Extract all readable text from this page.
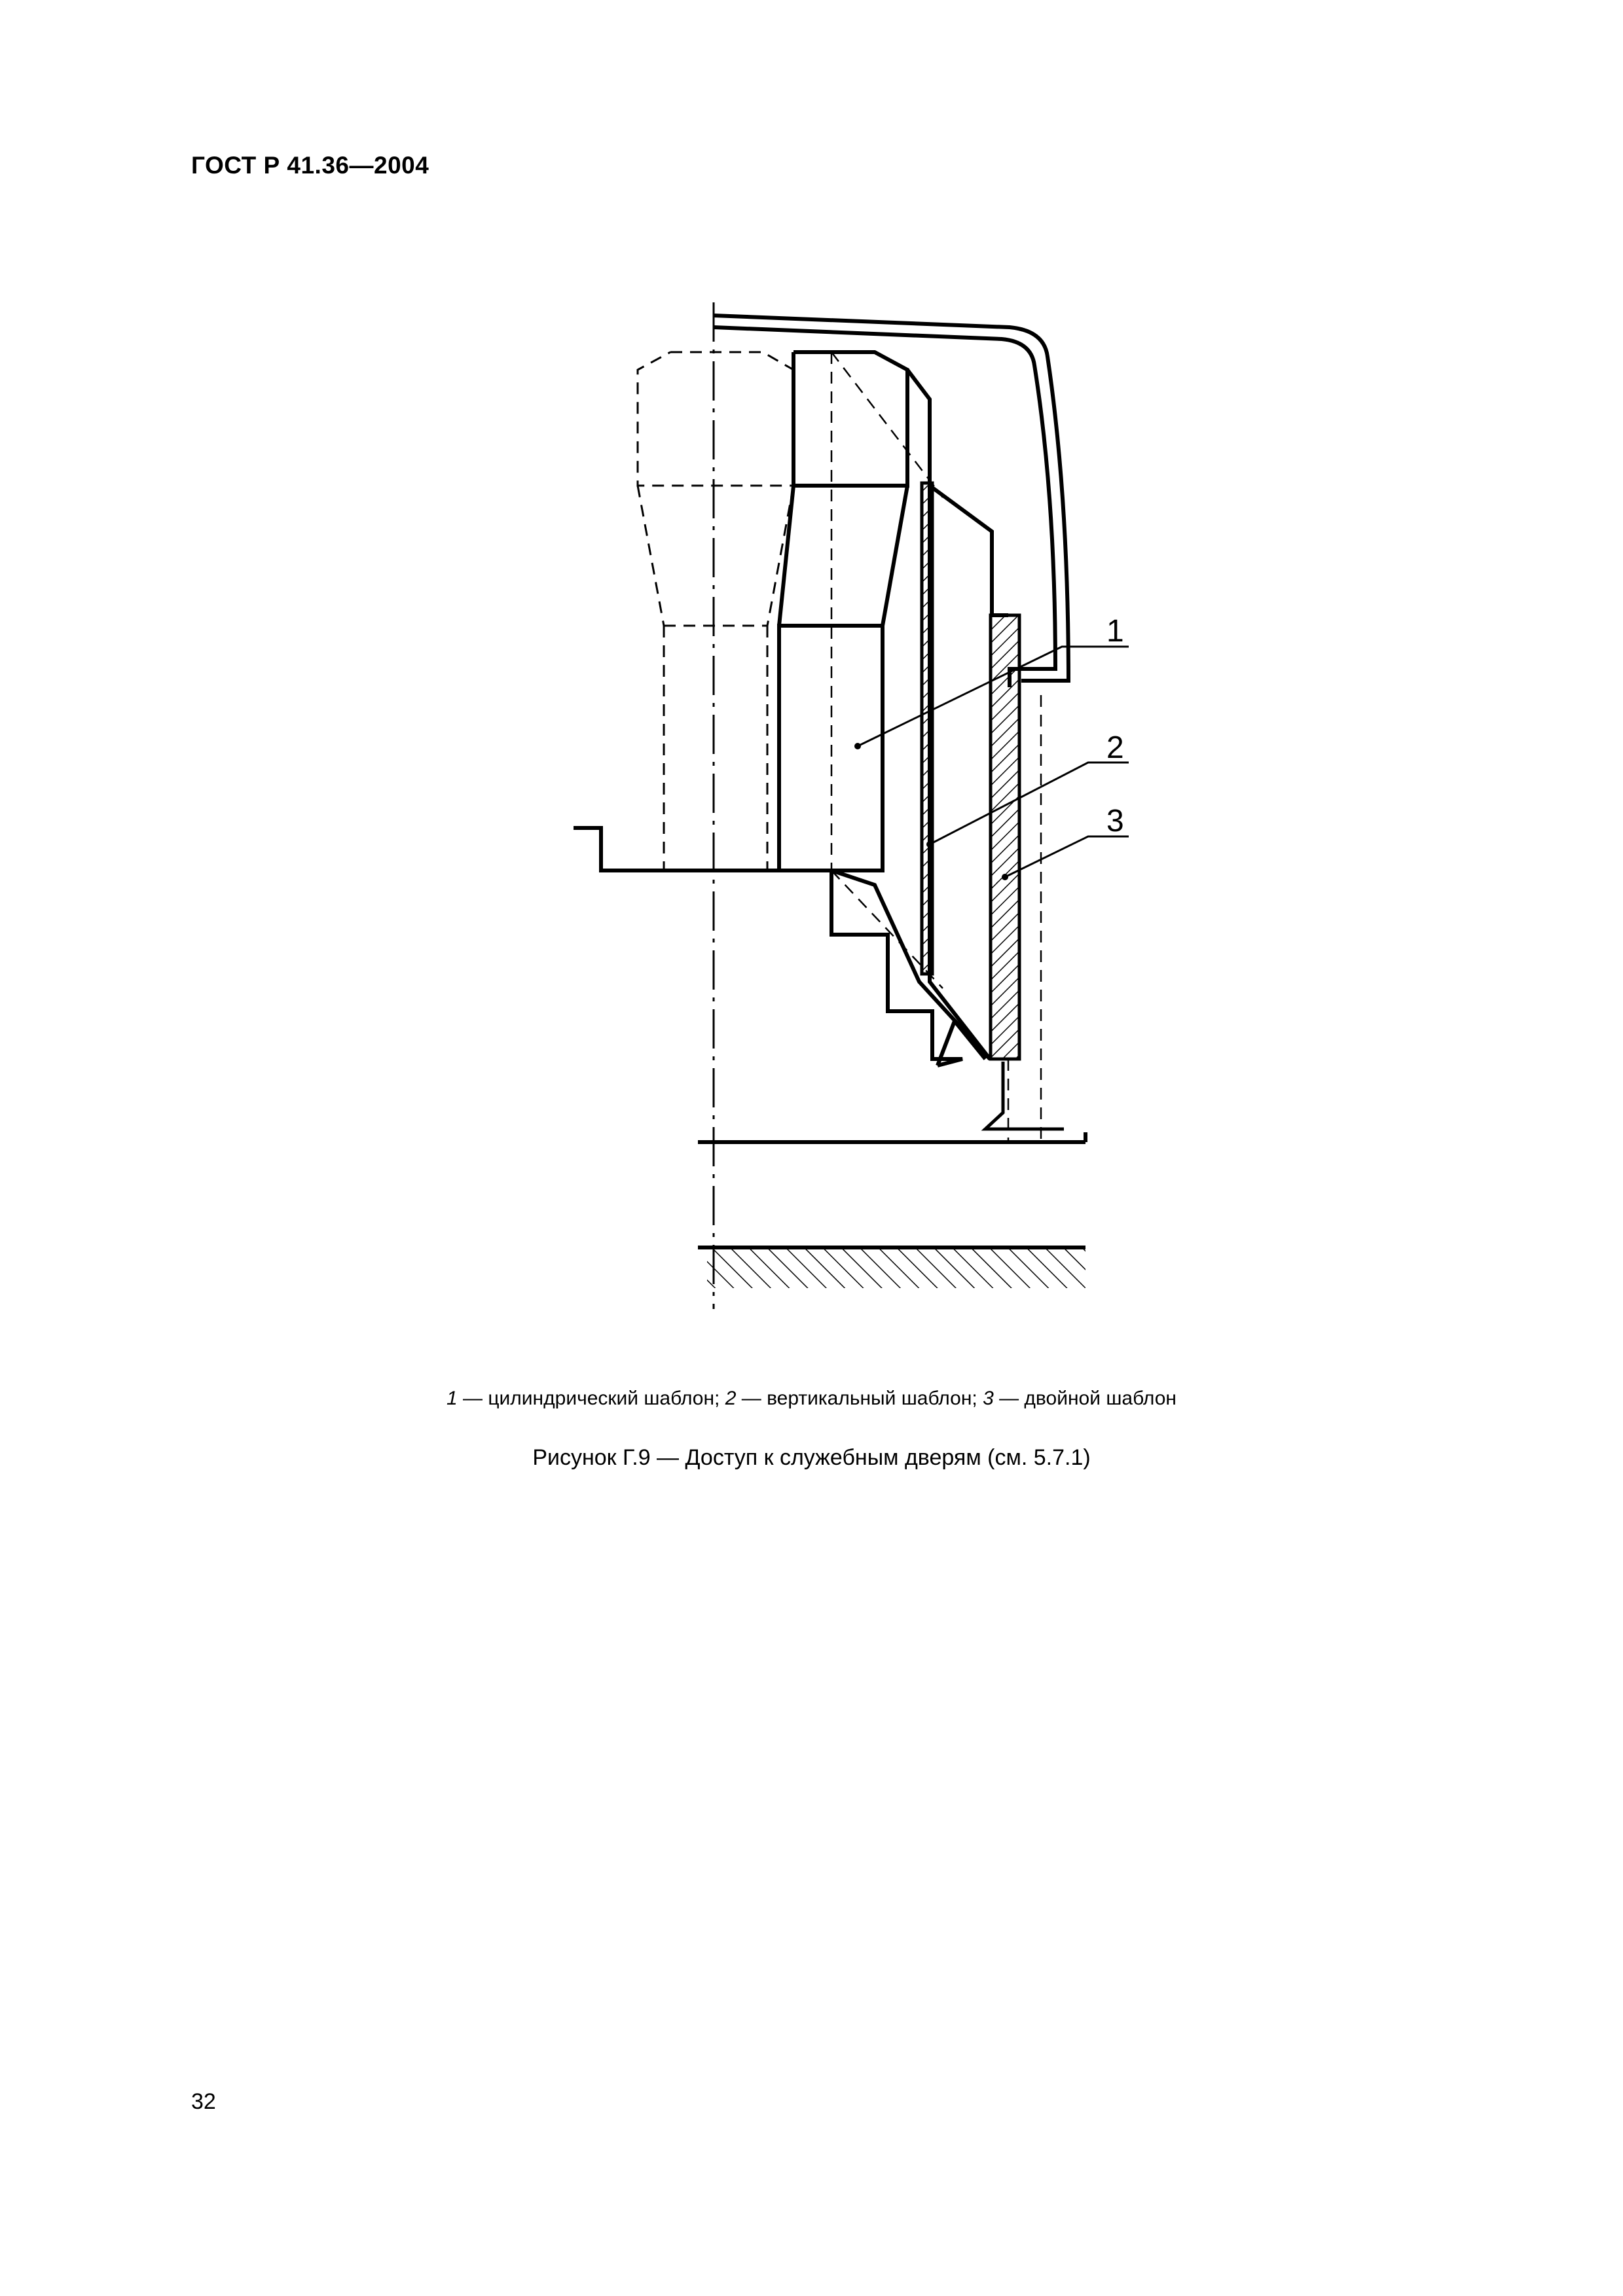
ГОСТ Р 41.36—2004
1
2
3
1 — цилиндрический шаблон; 2 — вертикальный шаблон; 3 — двойной шаблон
Рисунок Г.9 — Доступ к служебным дверям (см. 5.7.1)
32
